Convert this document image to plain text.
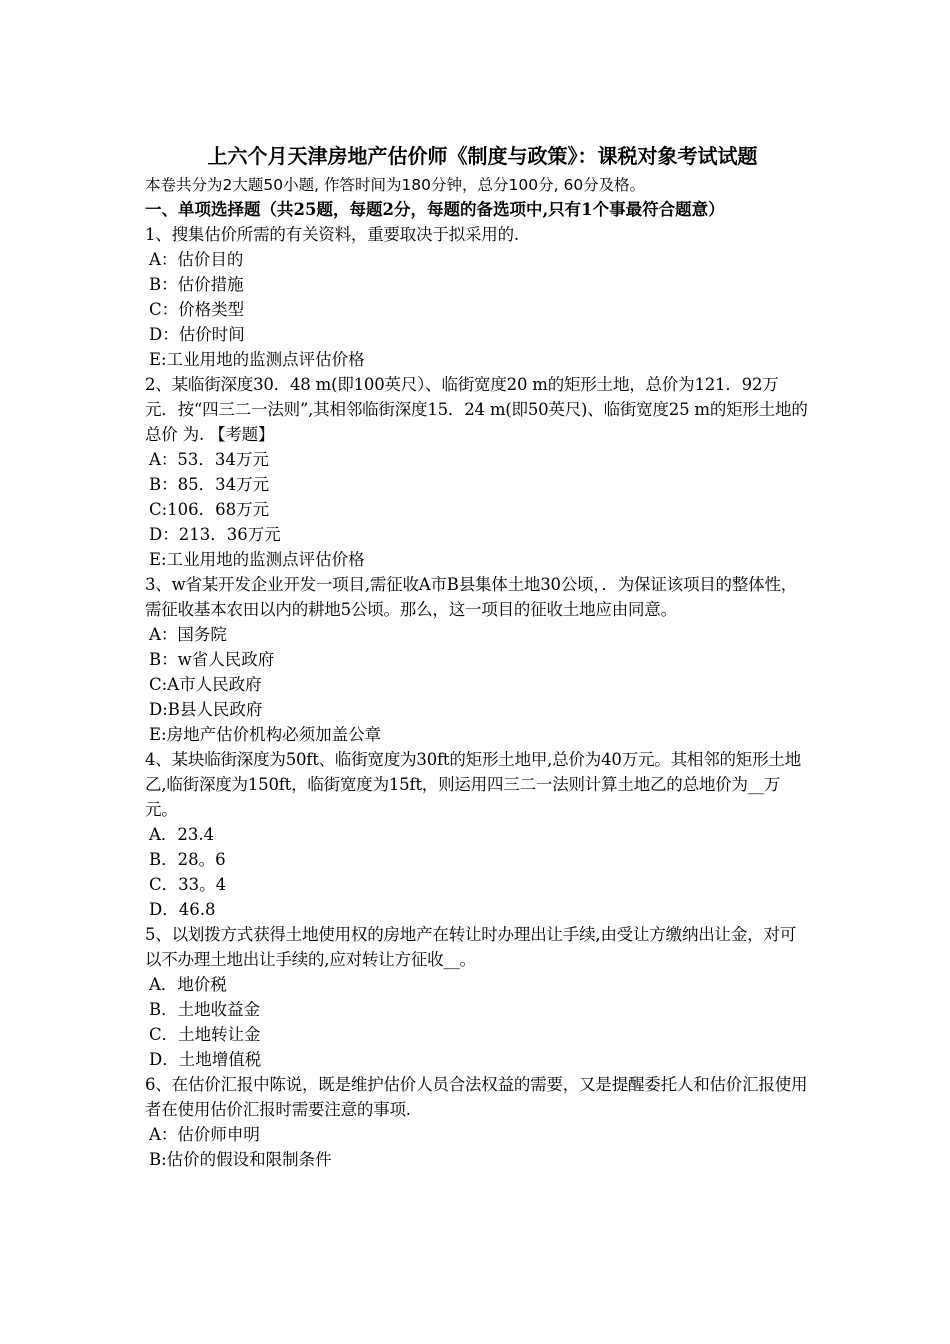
上六个月天津房地产估价师《制度与政策》：课税对象考试试题
本卷共分为2大题50小题, 作答时间为180分钟，总分100分, 60分及格。
一、单项选择题（共25题，每题2分，每题的备选项中,只有1个事最符合题意）
1、搜集估价所需的有关资料，重要取决于拟采用的.
A：估价目的
B：估价措施
C：价格类型
D：估价时间
E:工业用地的监测点评估价格
2、某临街深度30．48 m(即100英尺）、临街宽度20 m的矩形土地，总价为121．92万元．按“四三二一法则”,其相邻临街深度15．24 m(即50英尺)、临街宽度25 m的矩形土地的总价 为. 【考题】
A：53．34万元
B：85．34万元
C:106．68万元
D：213．36万元
E:工业用地的监测点评估价格
3、w省某开发企业开发一项目,需征收A市B县集体土地30公顷，．为保证该项目的整体性，需征收基本农田以内的耕地5公顷。那么，这一项目的征收土地应由同意。
A：国务院
B：w省人民政府
C:A市人民政府
D:B县人民政府
E:房地产估价机构必须加盖公章
4、某块临街深度为50ft、临街宽度为30ft的矩形土地甲,总价为40万元。其相邻的矩形土地乙,临街深度为150ft，临街宽度为15ft，则运用四三二一法则计算土地乙的总地价为__万元。
A．23.4
B．28。6
C．33。4
D．46.8
5、以划拨方式获得土地使用权的房地产在转让时办理出让手续,由受让方缴纳出让金，对可以不办理土地出让手续的,应对转让方征收__。
A．地价税
B．土地收益金
C．土地转让金
D．土地增值税
6、在估价汇报中陈说，既是维护估价人员合法权益的需要，又是提醒委托人和估价汇报使用者在使用估价汇报时需要注意的事项.
A：估价师申明
B:估价的假设和限制条件
